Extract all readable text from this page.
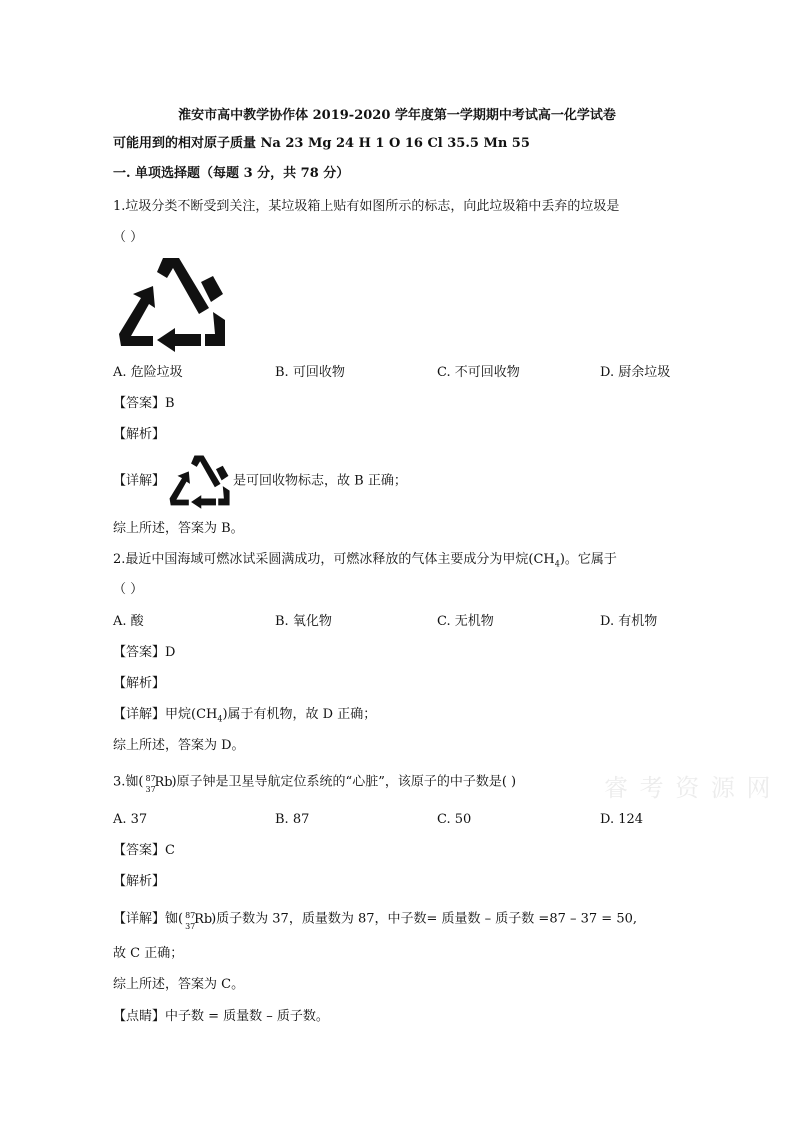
淮安市高中教学协作体 2019-2020 学年度第一学期期中考试高一化学试卷
可能用到的相对原子质量 Na 23 Mg 24 H 1 O 16 Cl 35.5 Mn 55
一. 单项选择题（每题 3 分，共 78 分）
1.垃圾分类不断受到关注，某垃圾箱上贴有如图所示的标志，向此垃圾箱中丢弃的垃圾是
（ ）
A. 危险垃圾	B. 可回收物	C. 不可回收物	D. 厨余垃圾
【答案】B
【解析】
【详解】	是可回收物标志，故 B 正确；
综上所述，答案为 B。
2.最近中国海域可燃冰试采圆满成功，可燃冰释放的气体主要成分为甲烷$(CH_4)$。它属于
（ ）
A. 酸	B. 氧化物	C. 无机物	D. 有机物
【答案】D
【解析】
【详解】甲烷$(CH_4)$属于有机物，故 D 正确；
综上所述，答案为 D。
3.铷( 87
37
Rb
)原子钟是卫星导航定位系统的“心脏”，该原子的中子数是( )
A. 37	B. 87	C. 50	D. 124
【答案】C
【解析】
【详解】铷( 87
37
Rb
)质子数为 37，质量数为 87，中子数= 质量数 – 质子数 =87 – 37 = 50,
故 C 正确；
综上所述，答案为 C。
【点睛】中子数 = 质量数 – 质子数。
睿 考 资 源 网
